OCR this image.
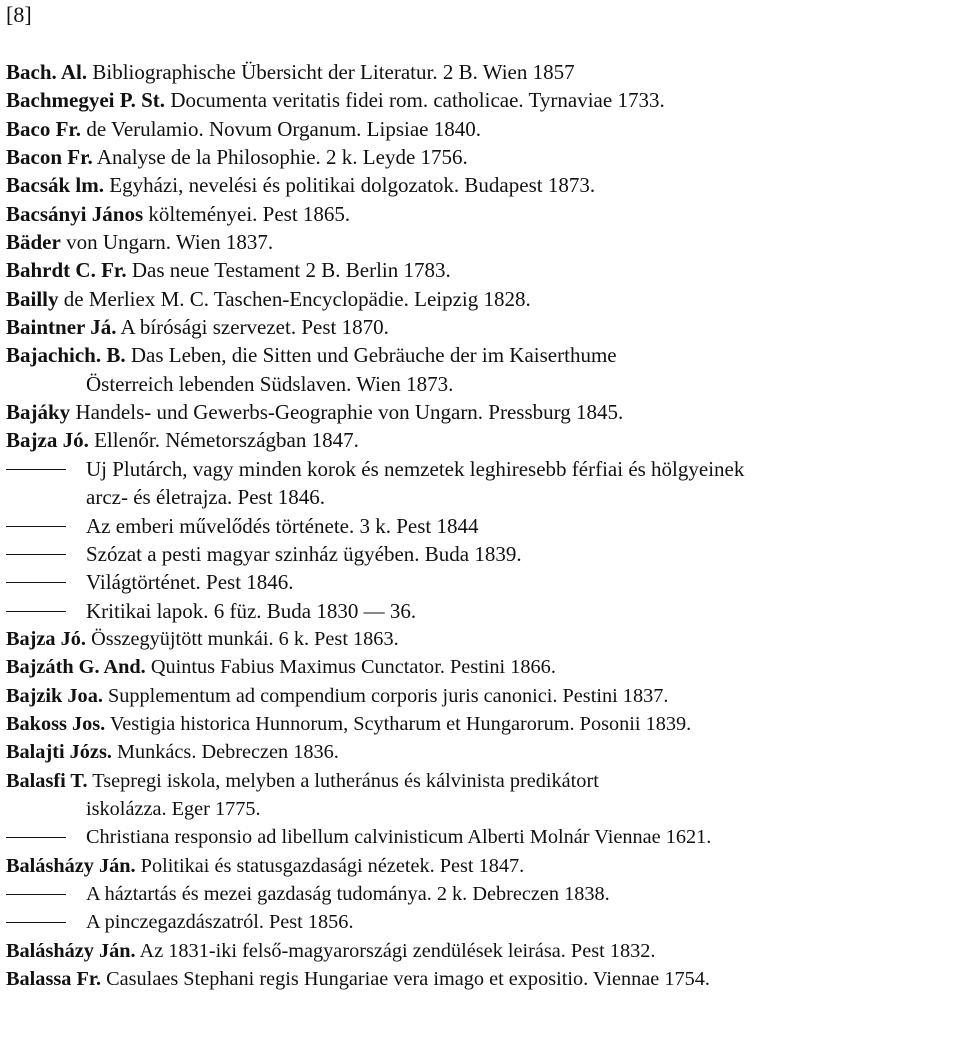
[8]
Bach. Al. Bibliographische Übersicht der Literatur. 2 B. Wien 1857
Bachmegyei P. St. Documenta veritatis fidei rom. catholicae. Tyrnaviae 1733.
Baco Fr. de Verulamio. Novum Organum. Lipsiae 1840.
Bacon Fr. Analyse de la Philosophie. 2 k. Leyde 1756.
Bacsák lm. Egyházi, nevelési és politikai dolgozatok. Budapest 1873.
Bacsányi János költeményei. Pest 1865.
Bäder von Ungarn. Wien 1837.
Bahrdt C. Fr. Das neue Testament 2 B. Berlin 1783.
Bailly de Merliex M. C. Taschen-Encyclopädie. Leipzig 1828.
Baintner Já. A bírósági szervezet. Pest 1870.
Bajachich. B. Das Leben, die Sitten und Gebräuche der im Kaiserthume
Österreich lebenden Südslaven. Wien 1873.
Bajáky Handels- und Gewerbs-Geographie von Ungarn. Pressburg 1845.
Bajza Jó. Ellenőr. Németországban 1847.
Uj Plutárch, vagy minden korok és nemzetek leghiresebb férfiai és hölgyeinek
arcz- és életrajza. Pest 1846.
Az emberi művelődés története. 3 k. Pest 1844
Szózat a pesti magyar szinház ügyében. Buda 1839.
Világtörténet. Pest 1846.
Kritikai lapok. 6 füz. Buda 1830 — 36.
Bajza Jó. Összegyüjtött munkái. 6 k. Pest 1863.
Bajzáth G. And. Quintus Fabius Maximus Cunctator. Pestini 1866.
Bajzik Joa. Supplementum ad compendium corporis juris canonici. Pestini 1837.
Bakoss Jos. Vestigia historica Hunnorum, Scytharum et Hungarorum. Posonii 1839.
Balajti Józs. Munkács. Debreczen 1836.
Balasfi T. Tsepregi iskola, melyben a lutheránus és kálvinista predikátort
iskolázza. Eger 1775.
Christiana responsio ad libellum calvinisticum Alberti Molnár Viennae 1621.
Balásházy Ján. Politikai és statusgazdasági nézetek. Pest 1847.
A háztartás és mezei gazdaság tudománya. 2 k. Debreczen 1838.
A pinczegazdászatról. Pest 1856.
Balásházy Ján. Az 1831-iki felső-magyarországi zendülések leirása. Pest 1832.
Balassa Fr. Casulaes Stephani regis Hungariae vera imago et expositio. Viennae 1754.
